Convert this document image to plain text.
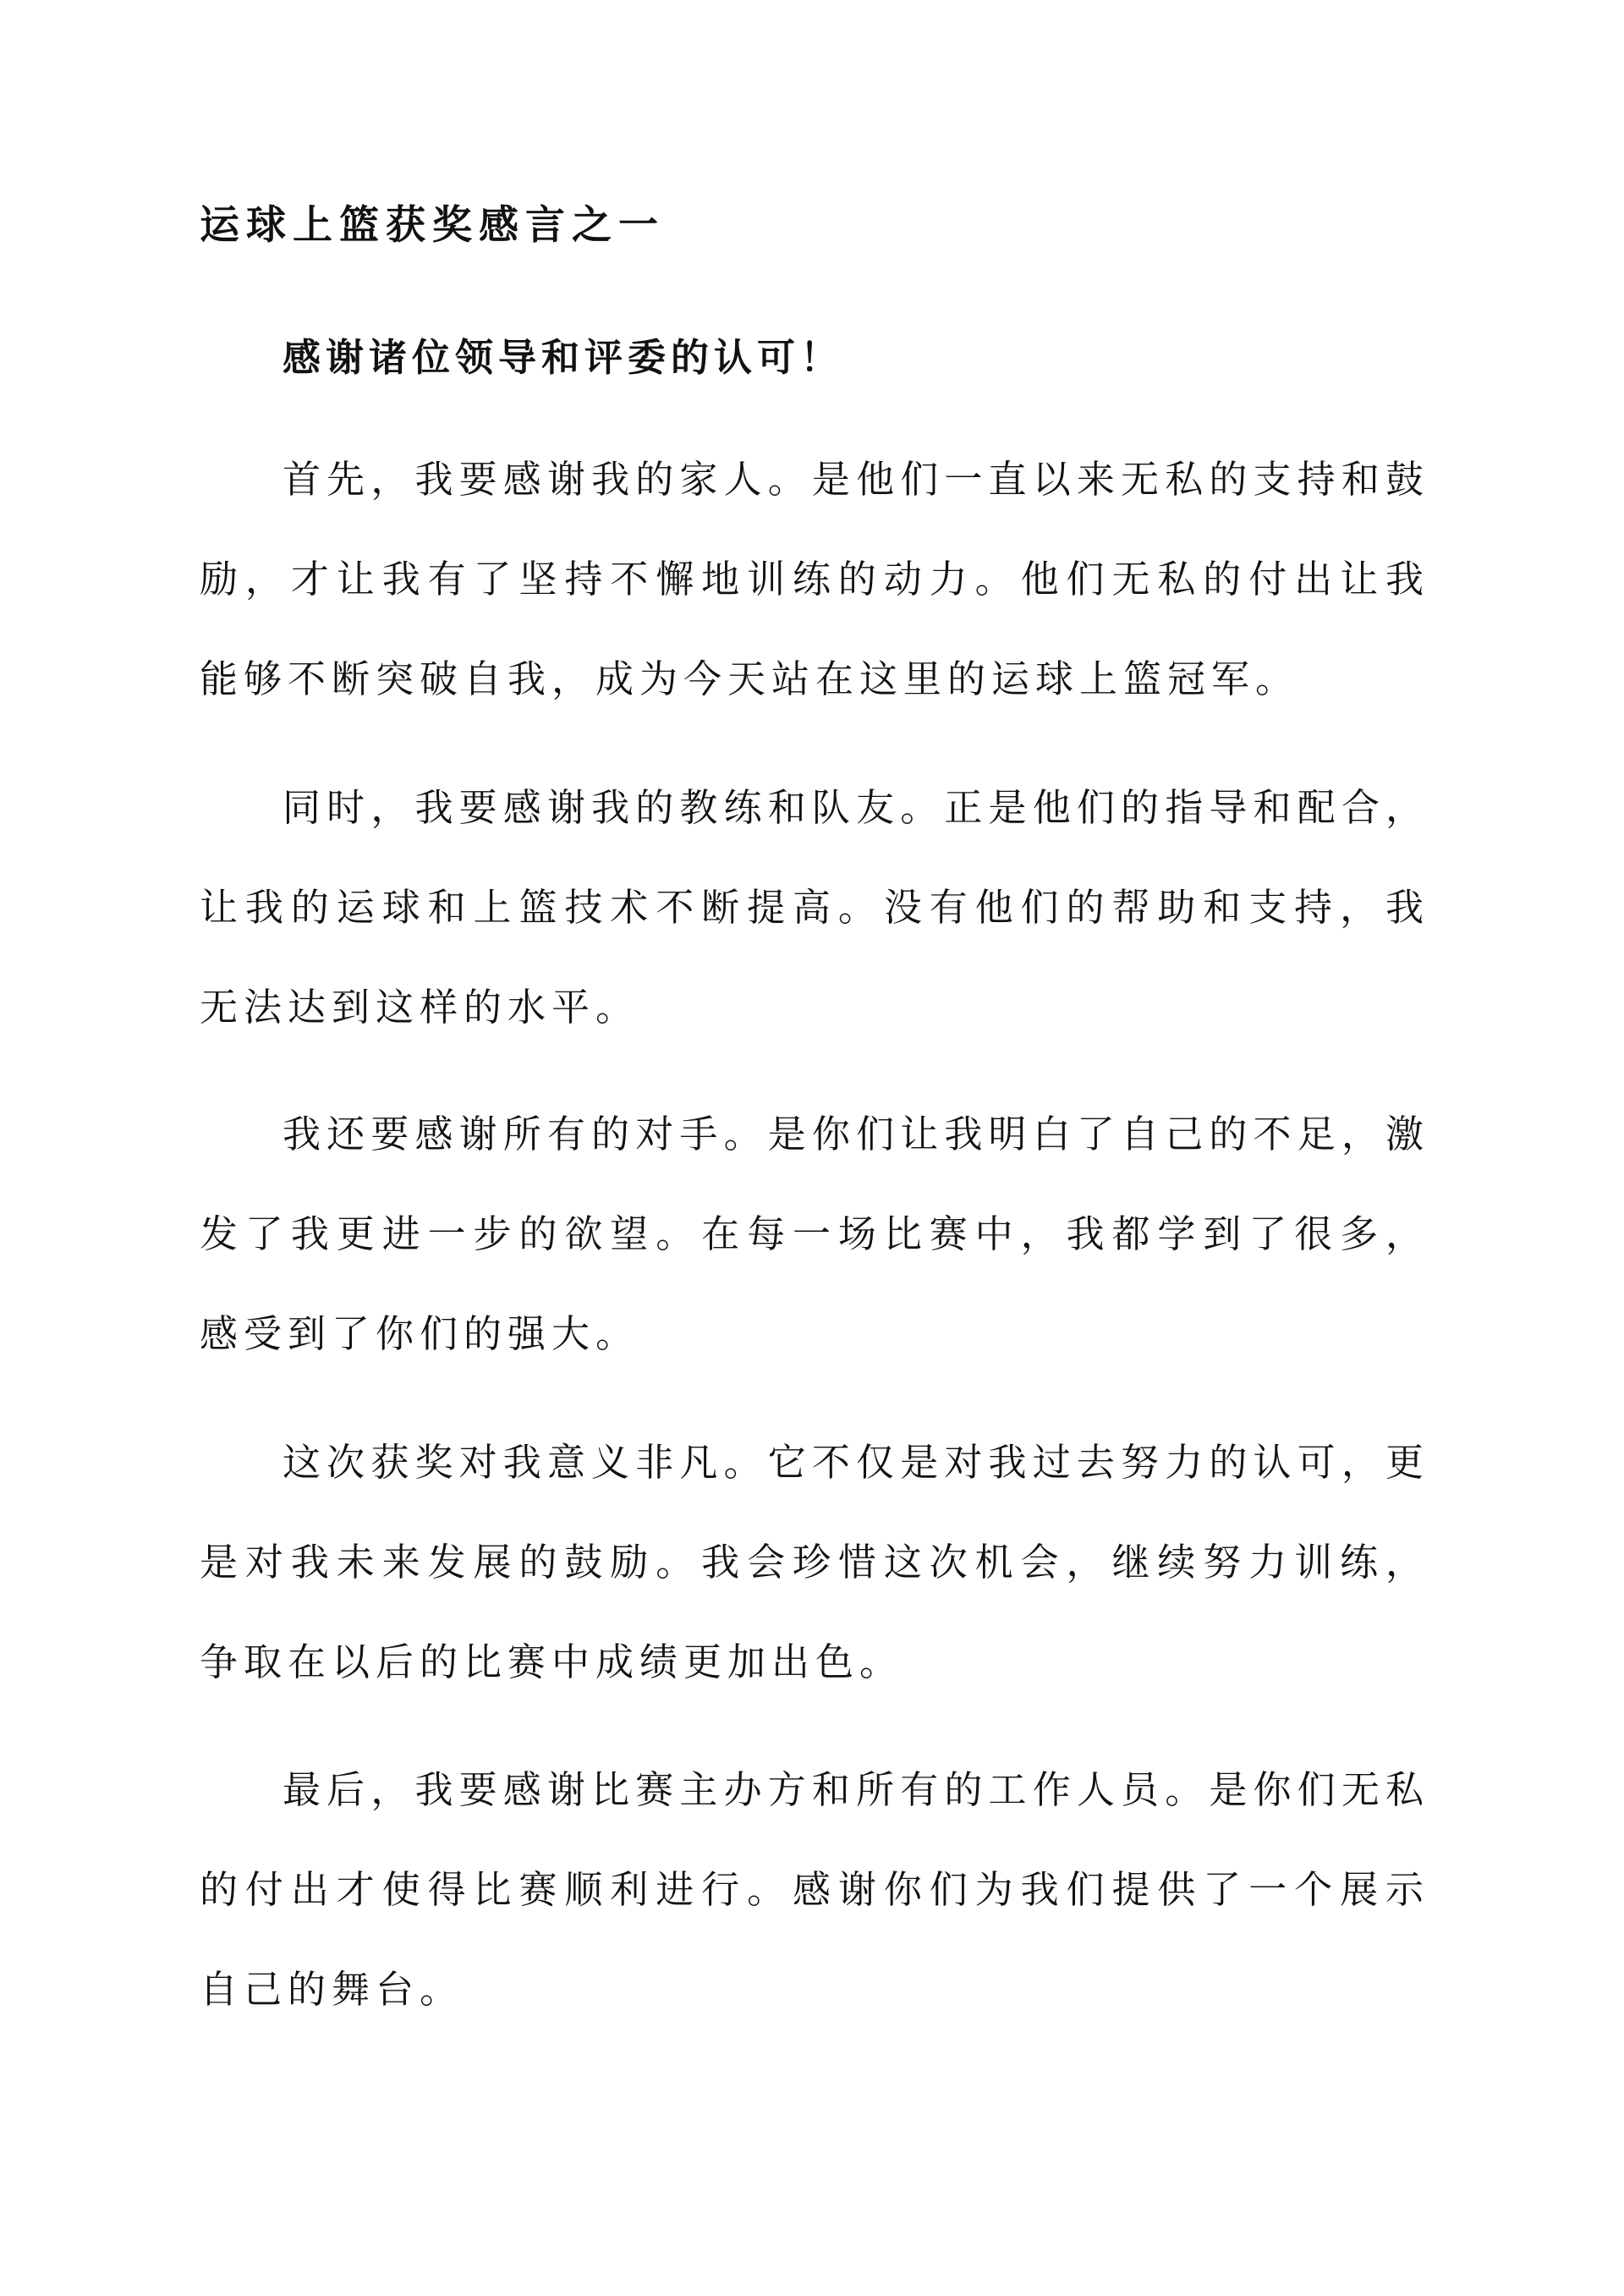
运球上篮获奖感言之一

感谢诸位领导和评委的认可！

首先，我要感谢我的家人。是他们一直以来无私的支持和鼓励，才让我有了坚持不懈地训练的动力。他们无私的付出让我能够不断突破自我，成为今天站在这里的运球上篮冠军。

同时，我要感谢我的教练和队友。正是他们的指导和配合，让我的运球和上篮技术不断提高。没有他们的帮助和支持，我无法达到这样的水平。

我还要感谢所有的对手。是你们让我明白了自己的不足，激发了我更进一步的欲望。在每一场比赛中，我都学到了很多，感受到了你们的强大。

这次获奖对我意义非凡。它不仅是对我过去努力的认可，更是对我未来发展的鼓励。我会珍惜这次机会，继续努力训练，争取在以后的比赛中成绩更加出色。

最后，我要感谢比赛主办方和所有的工作人员。是你们无私的付出才使得比赛顺利进行。感谢你们为我们提供了一个展示自己的舞台。
